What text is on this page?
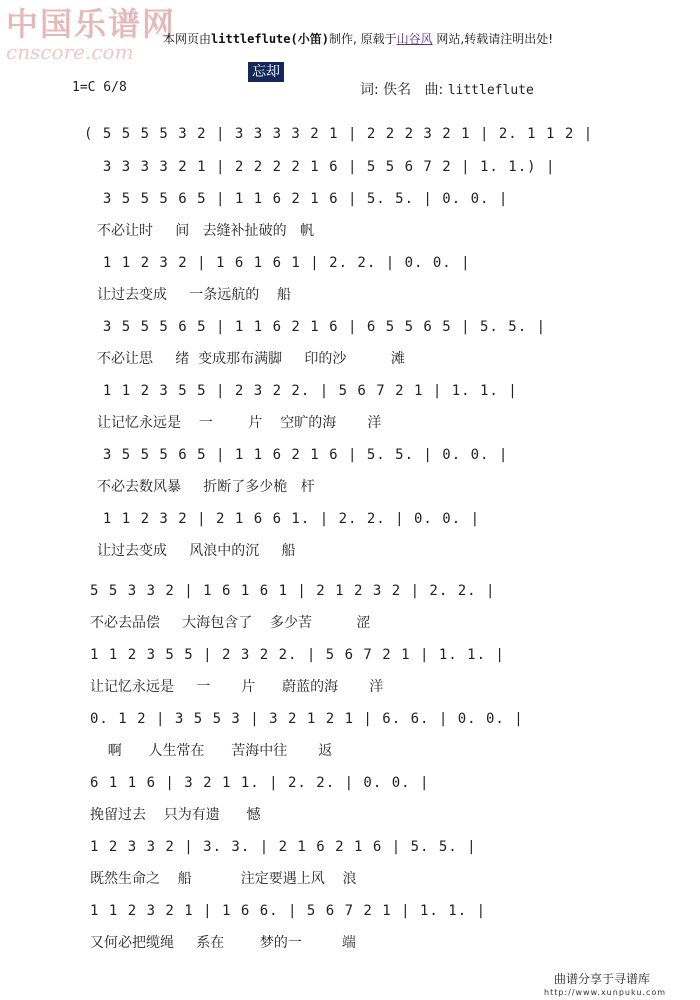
中国乐谱网
cnscore.com
本网页由littleflute(小笛)制作, 原载于山谷风 网站,转载请注明出处!
忘却
1=C 6/8	词: 佚名 曲: littleflute
( 5 5 5 5 3 2 | 3 3 3 3 2 1 | 2 2 2 3 2 1 | 2. 1 1 2 |
3 3 3 3 2 1 | 2 2 2 2 1 6 | 5 5 6 7 2 | 1. 1.) |
3 5 5 5 6 5 | 1 1 6 2 1 6 | 5. 5. | 0. 0. |
不必让时     间   去缝补扯破的   帆
1 1 2 3 2 | 1 6 1 6 1 | 2. 2. | 0. 0. |
让过去变成     一条远航的    船
3 5 5 5 6 5 | 1 1 6 2 1 6 | 6 5 5 6 5 | 5. 5. |
不必让思     绪  变成那布满脚     印的沙          滩
1 1 2 3 5 5 | 2 3 2 2. | 5 6 7 2 1 | 1. 1. |
让记忆永远是    一        片    空旷的海       洋
3 5 5 5 6 5 | 1 1 6 2 1 6 | 5. 5. | 0. 0. |
不必去数风暴     折断了多少桅   杆
1 1 2 3 2 | 2 1 6 6 1. | 2. 2. | 0. 0. |
让过去变成     风浪中的沉     船
5 5 3 3 2 | 1 6 1 6 1 | 2 1 2 3 2 | 2. 2. |
不必去品偿     大海包含了    多少苦          涩
1 1 2 3 5 5 | 2 3 2 2. | 5 6 7 2 1 | 1. 1. |
让记忆永远是     一       片      蔚蓝的海       洋
0. 1 2 | 3 5 5 3 | 3 2 1 2 1 | 6. 6. | 0. 0. |
啊      人生常在      苦海中往       返
6 1 1 6 | 3 2 1 1. | 2. 2. | 0. 0. |
挽留过去    只为有遗      憾
1 2 3 3 2 | 3. 3. | 2 1 6 2 1 6 | 5. 5. |
既然生命之    船           注定要遇上风    浪
1 1 2 3 2 1 | 1 6 6. | 5 6 7 2 1 | 1. 1. |
又何必把缆绳     系在        梦的一         端
曲谱分享于寻谱库
http://www.xunpuku.com
